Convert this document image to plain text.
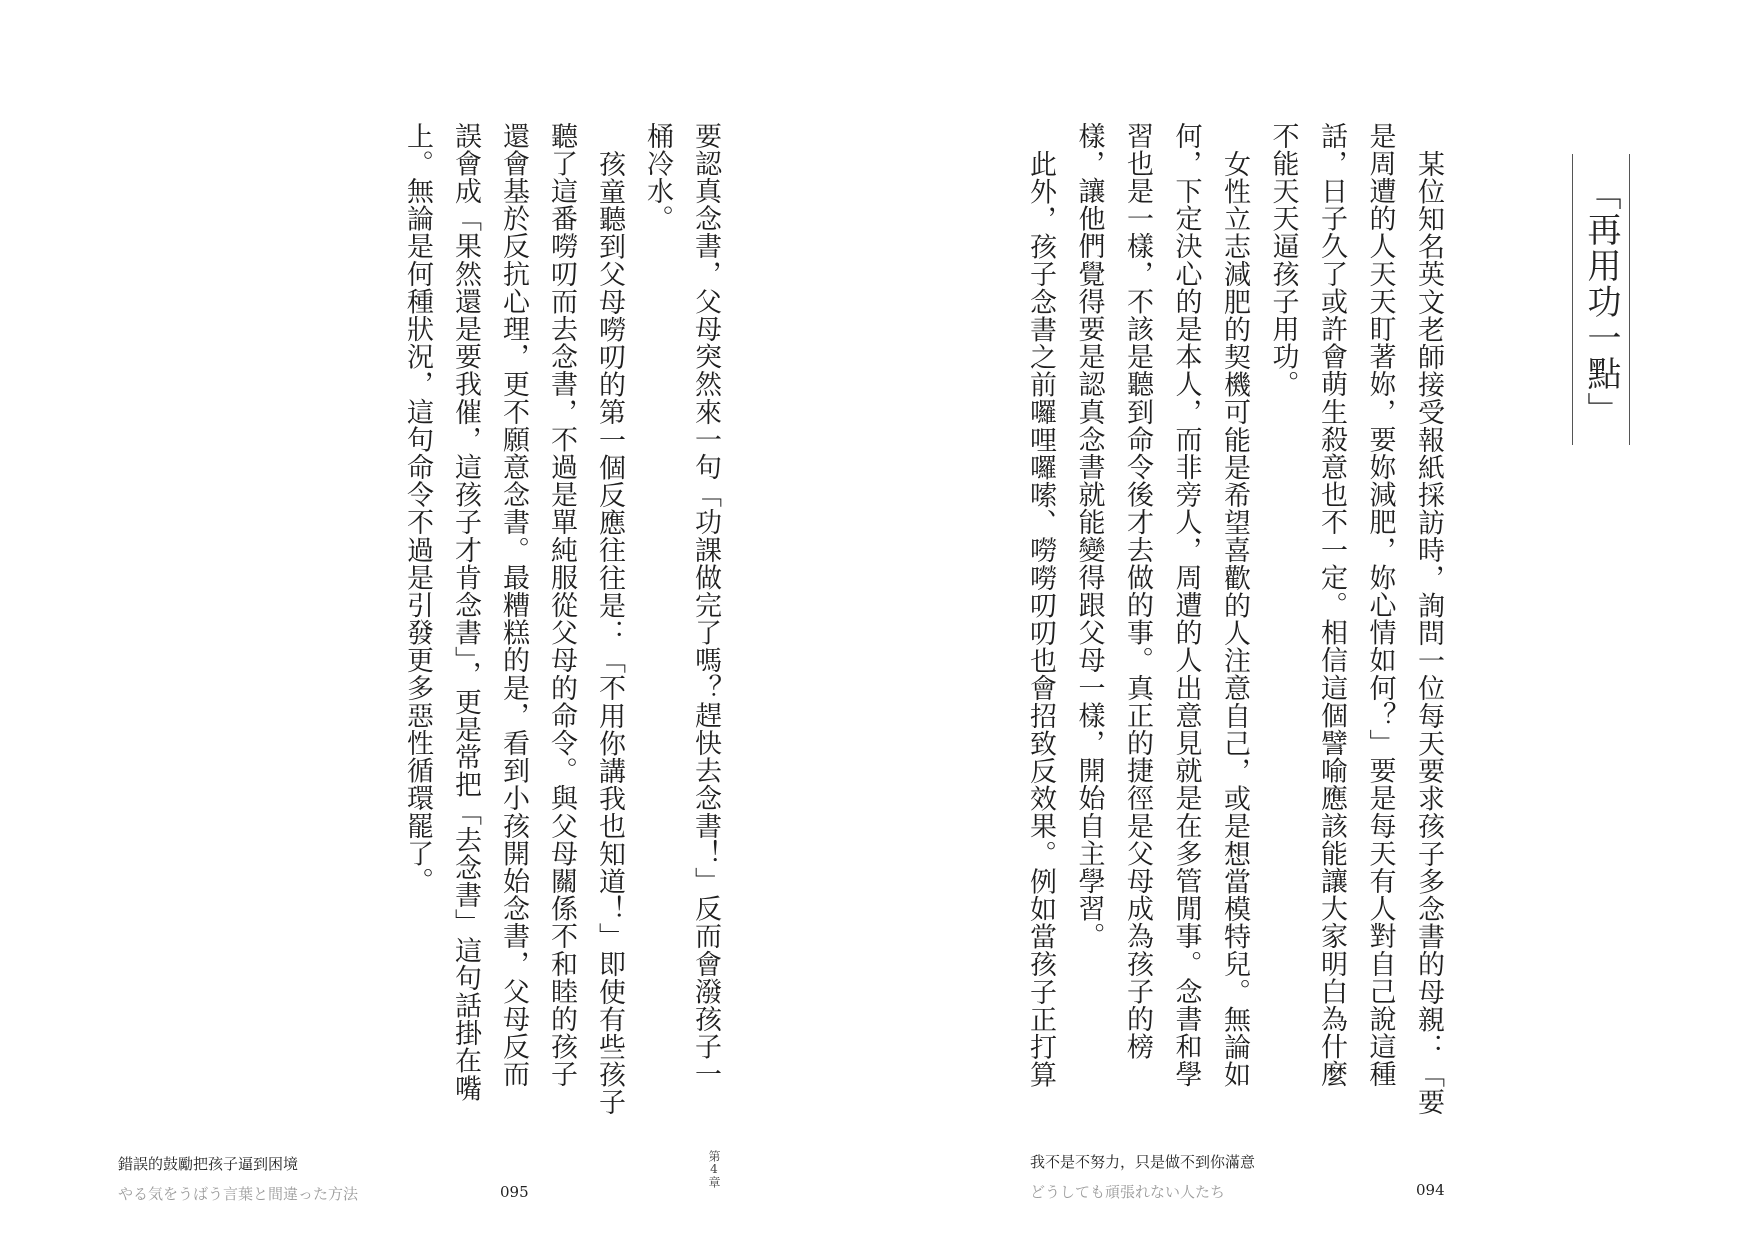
「再用功一點」
某位知名英文老師接受報紙採訪時，詢問一位每天要求孩子多念書的母親：「要
是周遭的人天天盯著妳，要妳減肥，妳心情如何？」要是每天有人對自己說這種
話，日子久了或許會萌生殺意也不一定。相信這個譬喻應該能讓大家明白為什麼
不能天天逼孩子用功。
女性立志減肥的契機可能是希望喜歡的人注意自己，或是想當模特兒。無論如
何，下定決心的是本人，而非旁人，周遭的人出意見就是在多管閒事。念書和學
習也是一樣，不該是聽到命令後才去做的事。真正的捷徑是父母成為孩子的榜
樣，讓他們覺得要是認真念書就能變得跟父母一樣，開始自主學習。
此外，孩子念書之前囉哩囉嗦、嘮嘮叨叨也會招致反效果。例如當孩子正打算
要認真念書，父母突然來一句「功課做完了嗎？趕快去念書！」反而會潑孩子一
桶冷水。
孩童聽到父母嘮叨的第一個反應往往是：「不用你講我也知道！」即使有些孩子
聽了這番嘮叨而去念書，不過是單純服從父母的命令。與父母關係不和睦的孩子
還會基於反抗心理，更不願意念書。最糟糕的是，看到小孩開始念書，父母反而
誤會成「果然還是要我催，這孩子才肯念書」，更是常把「去念書」這句話掛在嘴
上。無論是何種狀況，這句命令不過是引發更多惡性循環罷了。
錯誤的鼓勵把孩子逼到困境
やる気をうばう言葉と間違った方法	095
第4章	我不是不努力，只是做不到你滿意
どうしても頑張れない人たち	094
